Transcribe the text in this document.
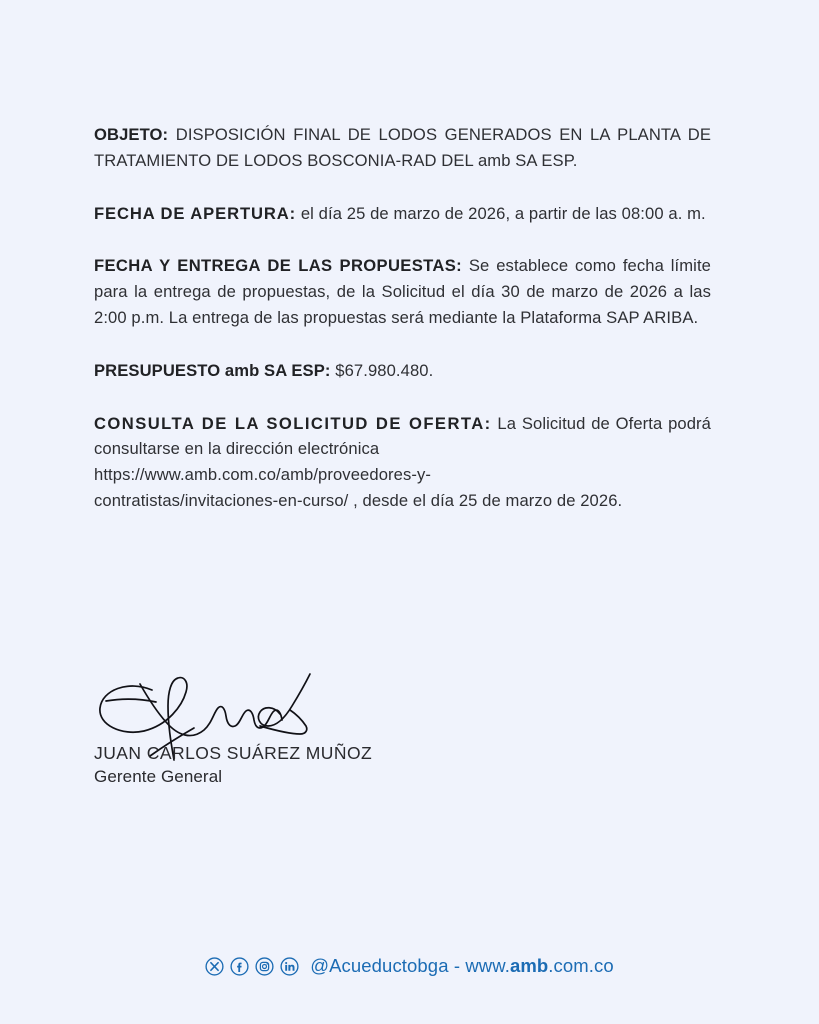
OBJETO: DISPOSICIÓN FINAL DE LODOS GENERADOS EN LA PLANTA DE TRATAMIENTO DE LODOS BOSCONIA-RAD DEL amb SA ESP.

FECHA DE APERTURA: el día 25 de marzo de 2026, a partir de las 08:00 a. m.

FECHA Y ENTREGA DE LAS PROPUESTAS: Se establece como fecha límite para la entrega de propuestas, de la Solicitud el día 30 de marzo de 2026 a las 2:00 p.m. La entrega de las propuestas será mediante la Plataforma SAP ARIBA.

PRESUPUESTO amb SA ESP: $67.980.480.

CONSULTA DE LA SOLICITUD DE OFERTA: La Solicitud de Oferta podrá consultarse en la dirección electrónica
https://www.amb.com.co/amb/proveedores-y-
contratistas/invitaciones-en-curso/ , desde el día 25 de marzo de 2026.

JUAN CARLOS SUÁREZ MUÑOZ
Gerente General
@Acueductobga - www.amb.com.co
